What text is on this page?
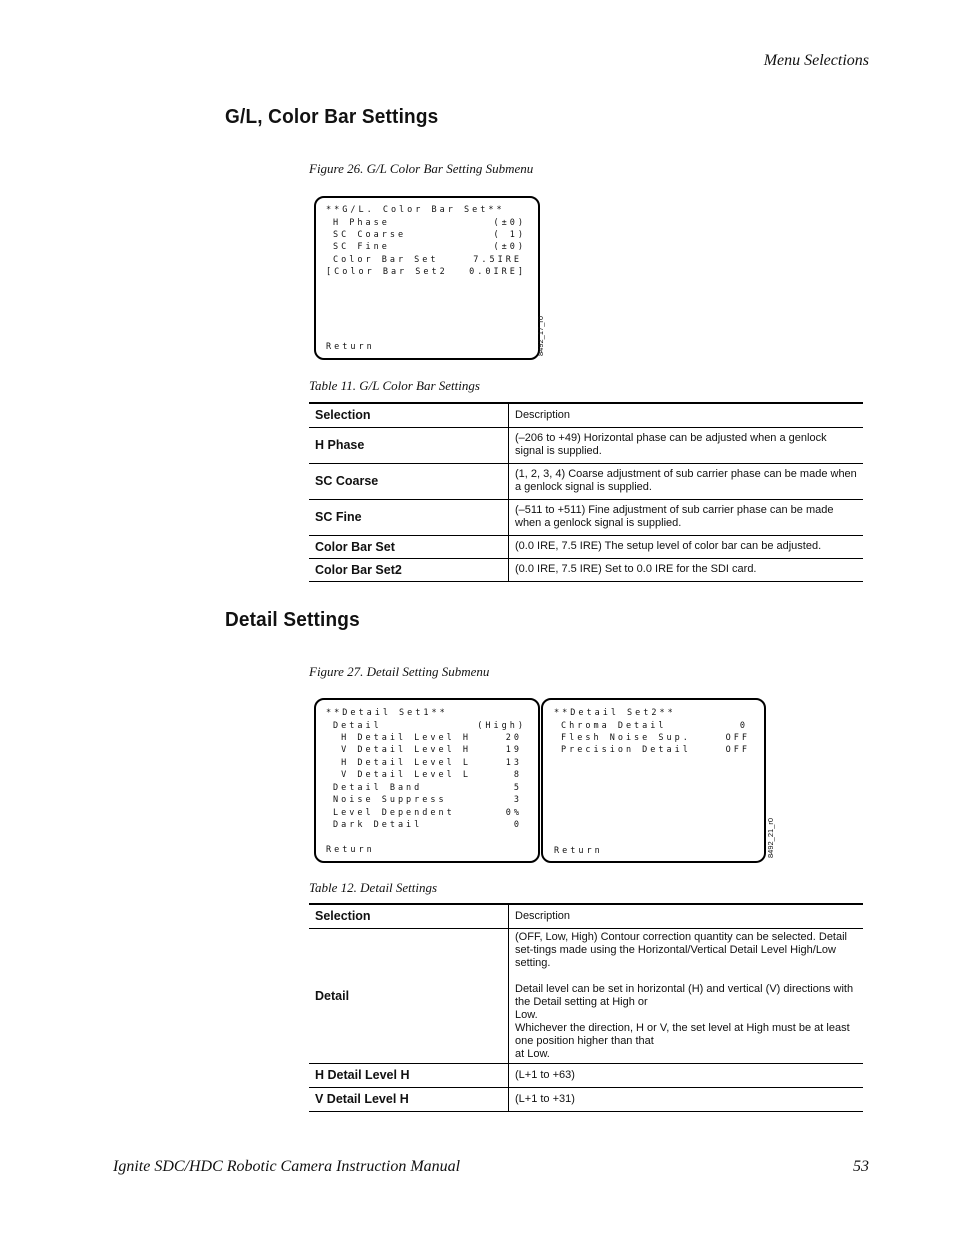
Menu Selections
G/L, Color Bar Settings
Figure 26. G/L Color Bar Setting Submenu
**G/L. Color Bar Set**
H Phase	(±0)
SC Coarse	( 1)
SC Fine	(±0)
Color Bar Set	7.5IRE
[Color Bar Set2	0.0IRE]
Return	8492_17_r0
Table 11. G/L Color Bar Settings
Selection	Description
H Phase	(–206 to +49) Horizontal phase can be adjusted when a genlock signal is supplied.
SC Coarse	(1, 2, 3, 4) Coarse adjustment of sub carrier phase can be made when a genlock signal is supplied.
SC Fine	(–511 to +511) Fine adjustment of sub carrier phase can be made when a genlock signal is supplied.
Color Bar Set	(0.0 IRE, 7.5 IRE) The setup level of color bar can be adjusted.
Color Bar Set2	(0.0 IRE, 7.5 IRE) Set to 0.0 IRE for the SDI card.
Detail Settings
Figure 27. Detail Setting Submenu
**Detail Set1**
Detail	(High)
H Detail Level H	20
V Detail Level H	19
H Detail Level L	13
V Detail Level L	8
Detail Band	5
Noise Suppress	3
Level Dependent	0%
Dark Detail	0
Return
**Detail Set2**
Chroma Detail	0
Flesh Noise Sup.	OFF
Precision Detail	OFF
Return	8492_21_r0
Table 12. Detail Settings
Selection	Description
Detail	(OFF, Low, High) Contour correction quantity can be selected. Detail set-tings made using the Horizontal/Vertical Detail Level High/Low setting.
Detail level can be set in horizontal (H) and vertical (V) directions with the Detail setting at High or
Low.
Whichever the direction, H or V, the set level at High must be at least one position higher than that
at Low.

H Detail Level H	(L+1 to +63)
V Detail Level H	(L+1 to +31)
Ignite SDC/HDC Robotic Camera Instruction Manual	53
